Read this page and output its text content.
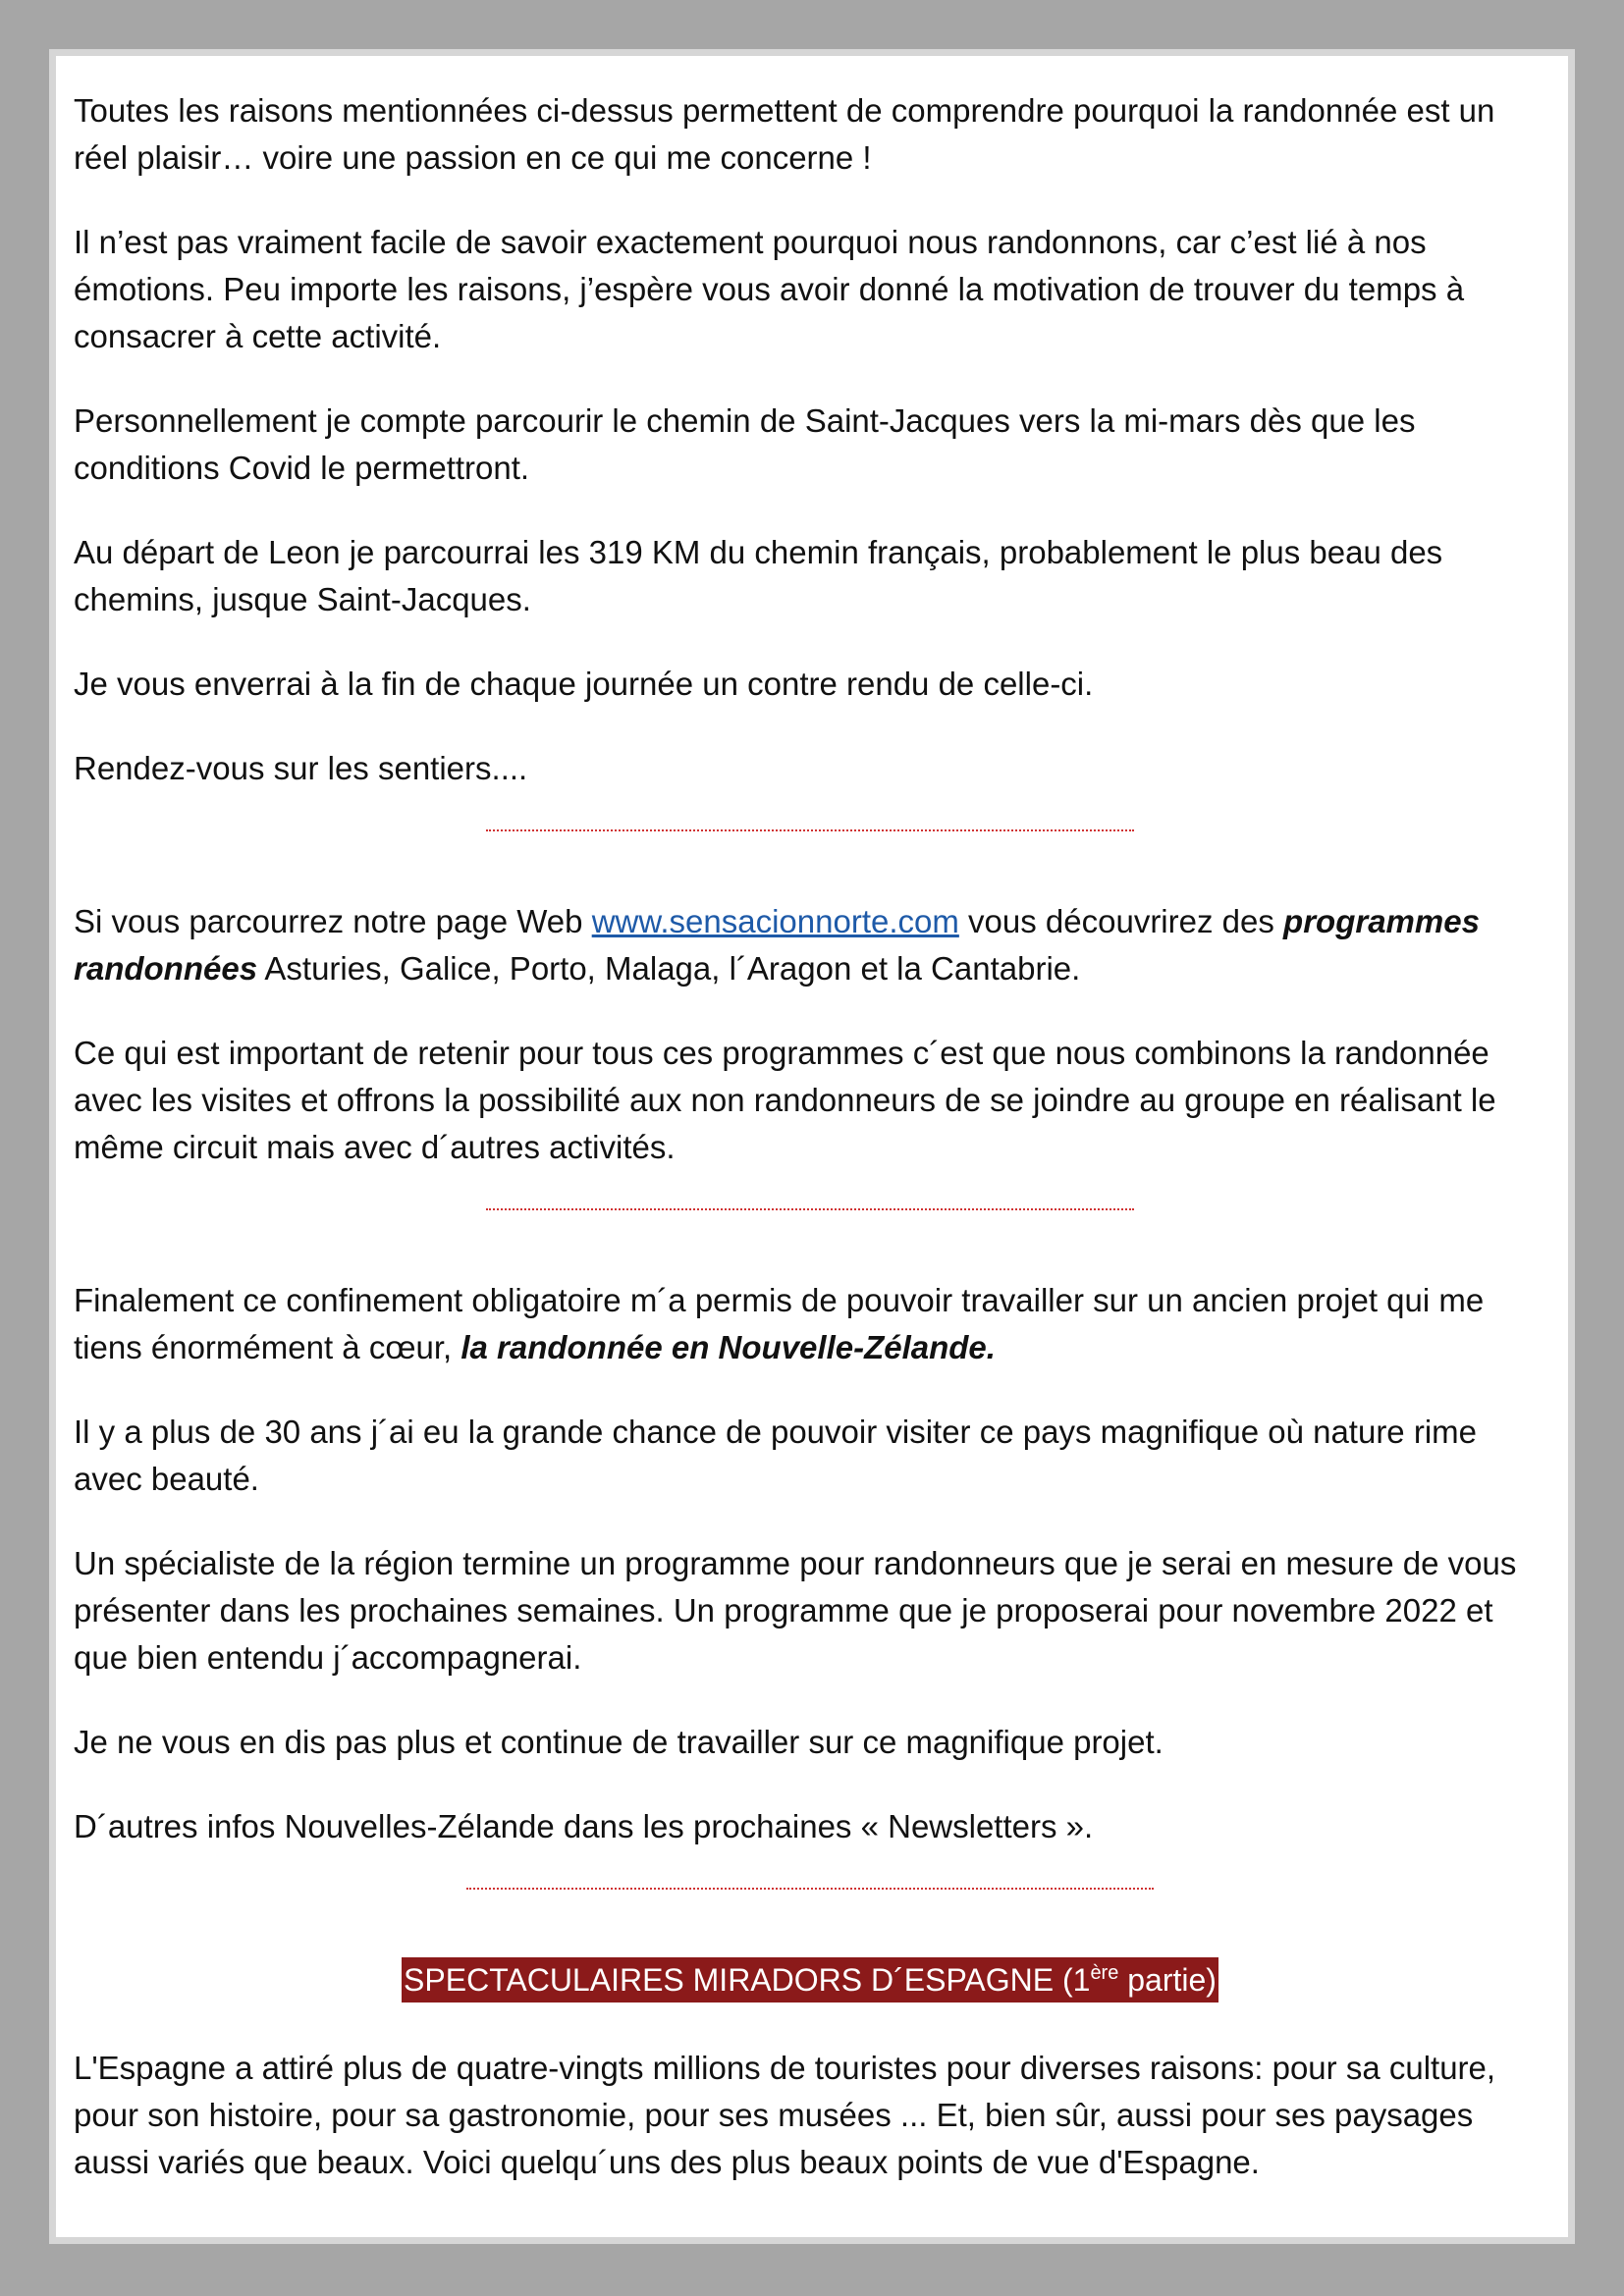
Toutes les raisons mentionnées ci-dessus permettent de comprendre pourquoi la randonnée est un réel plaisir… voire une passion en ce qui me concerne !

Il n’est pas vraiment facile de savoir exactement pourquoi nous randonnons, car c’est lié à nos émotions. Peu importe les raisons, j’espère vous avoir donné la motivation de trouver du temps à consacrer à cette activité.

Personnellement je compte parcourir le chemin de Saint-Jacques vers la mi-mars dès que les conditions Covid le permettront.

Au départ de Leon je parcourrai les 319 KM du chemin français, probablement le plus beau des chemins, jusque Saint-Jacques.

Je vous enverrai à la fin de chaque journée un contre rendu de celle-ci.

Rendez-vous sur les sentiers....

Si vous parcourrez notre page Web www.sensacionnorte.com vous découvrirez des programmes randonnées Asturies, Galice, Porto, Malaga, l´Aragon et la Cantabrie.

Ce qui est important de retenir pour tous ces programmes c´est que nous combinons la randonnée avec les visites et offrons la possibilité aux non randonneurs de se joindre au groupe en réalisant le même circuit mais avec d´autres activités.

Finalement ce confinement obligatoire m´a permis de pouvoir travailler sur un ancien projet qui me tiens énormément à cœur, la randonnée en Nouvelle-Zélande.

Il y a plus de 30 ans j´ai eu la grande chance de pouvoir visiter ce pays magnifique où nature rime avec beauté.

Un spécialiste de la région termine un programme pour randonneurs que je serai en mesure de vous présenter dans les prochaines semaines. Un programme que je proposerai pour novembre 2022 et que bien entendu j´accompagnerai.

Je ne vous en dis pas plus et continue de travailler sur ce magnifique projet.

D´autres infos Nouvelles-Zélande dans les prochaines « Newsletters ».

SPECTACULAIRES MIRADORS D´ESPAGNE (1ère partie)

L'Espagne a attiré plus de quatre-vingts millions de touristes pour diverses raisons: pour sa culture, pour son histoire, pour sa gastronomie, pour ses musées ... Et, bien sûr, aussi pour ses paysages aussi variés que beaux. Voici quelqu´uns des plus beaux points de vue d'Espagne.
